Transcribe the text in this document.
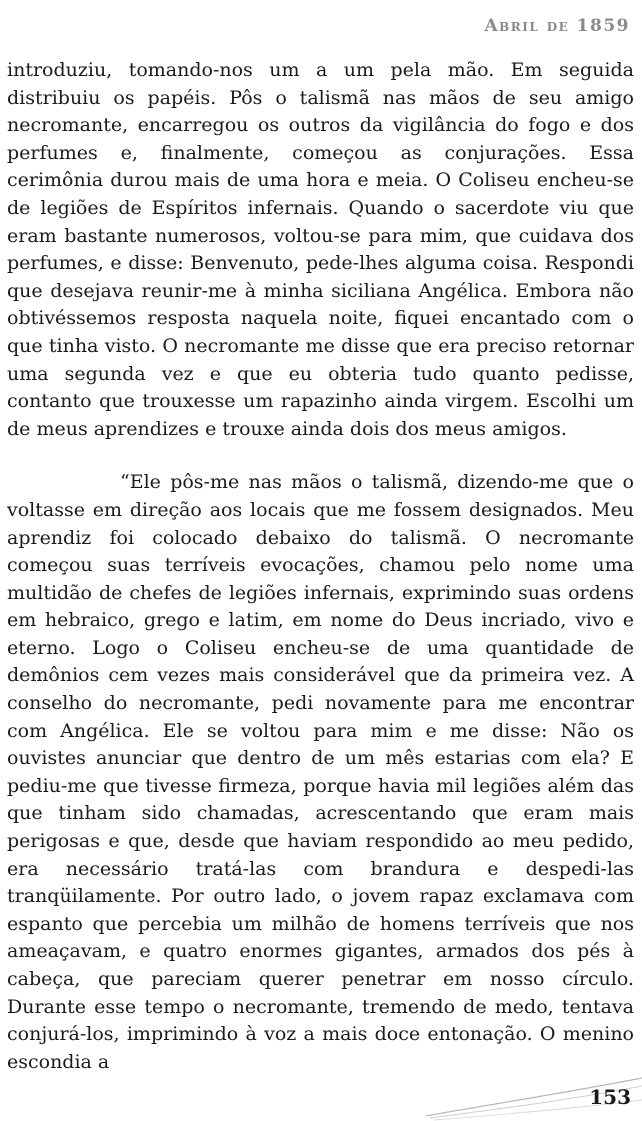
Abril de 1859

introduziu, tomando-nos um a um pela mão. Em seguida distribuiu os papéis. Pôs o talismã nas mãos de seu amigo necromante, encarregou os outros da vigilância do fogo e dos perfumes e, finalmente, começou as conjurações. Essa cerimônia durou mais de uma hora e meia. O Coliseu encheu-se de legiões de Espíritos infernais. Quando o sacerdote viu que eram bastante numerosos, voltou-se para mim, que cuidava dos perfumes, e disse: Benvenuto, pede-lhes alguma coisa. Respondi que desejava reunir-me à minha siciliana Angélica. Embora não obtivéssemos resposta naquela noite, fiquei encantado com o que tinha visto. O necromante me disse que era preciso retornar uma segunda vez e que eu obteria tudo quanto pedisse, contanto que trouxesse um rapazinho ainda virgem. Escolhi um de meus aprendizes e trouxe ainda dois dos meus amigos.

“Ele pôs-me nas mãos o talismã, dizendo-me que o voltasse em direção aos locais que me fossem designados. Meu aprendiz foi colocado debaixo do talismã. O necromante começou suas terríveis evocações, chamou pelo nome uma multidão de chefes de legiões infernais, exprimindo suas ordens em hebraico, grego e latim, em nome do Deus incriado, vivo e eterno. Logo o Coliseu encheu-se de uma quantidade de demônios cem vezes mais considerável que da primeira vez. A conselho do necromante, pedi novamente para me encontrar com Angélica. Ele se voltou para mim e me disse: Não os ouvistes anunciar que dentro de um mês estarias com ela? E pediu-me que tivesse firmeza, porque havia mil legiões além das que tinham sido chamadas, acrescentando que eram mais perigosas e que, desde que haviam respondido ao meu pedido, era necessário tratá-las com brandura e despedi-las tranqüilamente. Por outro lado, o jovem rapaz exclamava com espanto que percebia um milhão de homens terríveis que nos ameaçavam, e quatro enormes gigantes, armados dos pés à cabeça, que pareciam querer penetrar em nosso círculo. Durante esse tempo o necromante, tremendo de medo, tentava conjurá-los, imprimindo à voz a mais doce entonação. O menino escondia a

153
